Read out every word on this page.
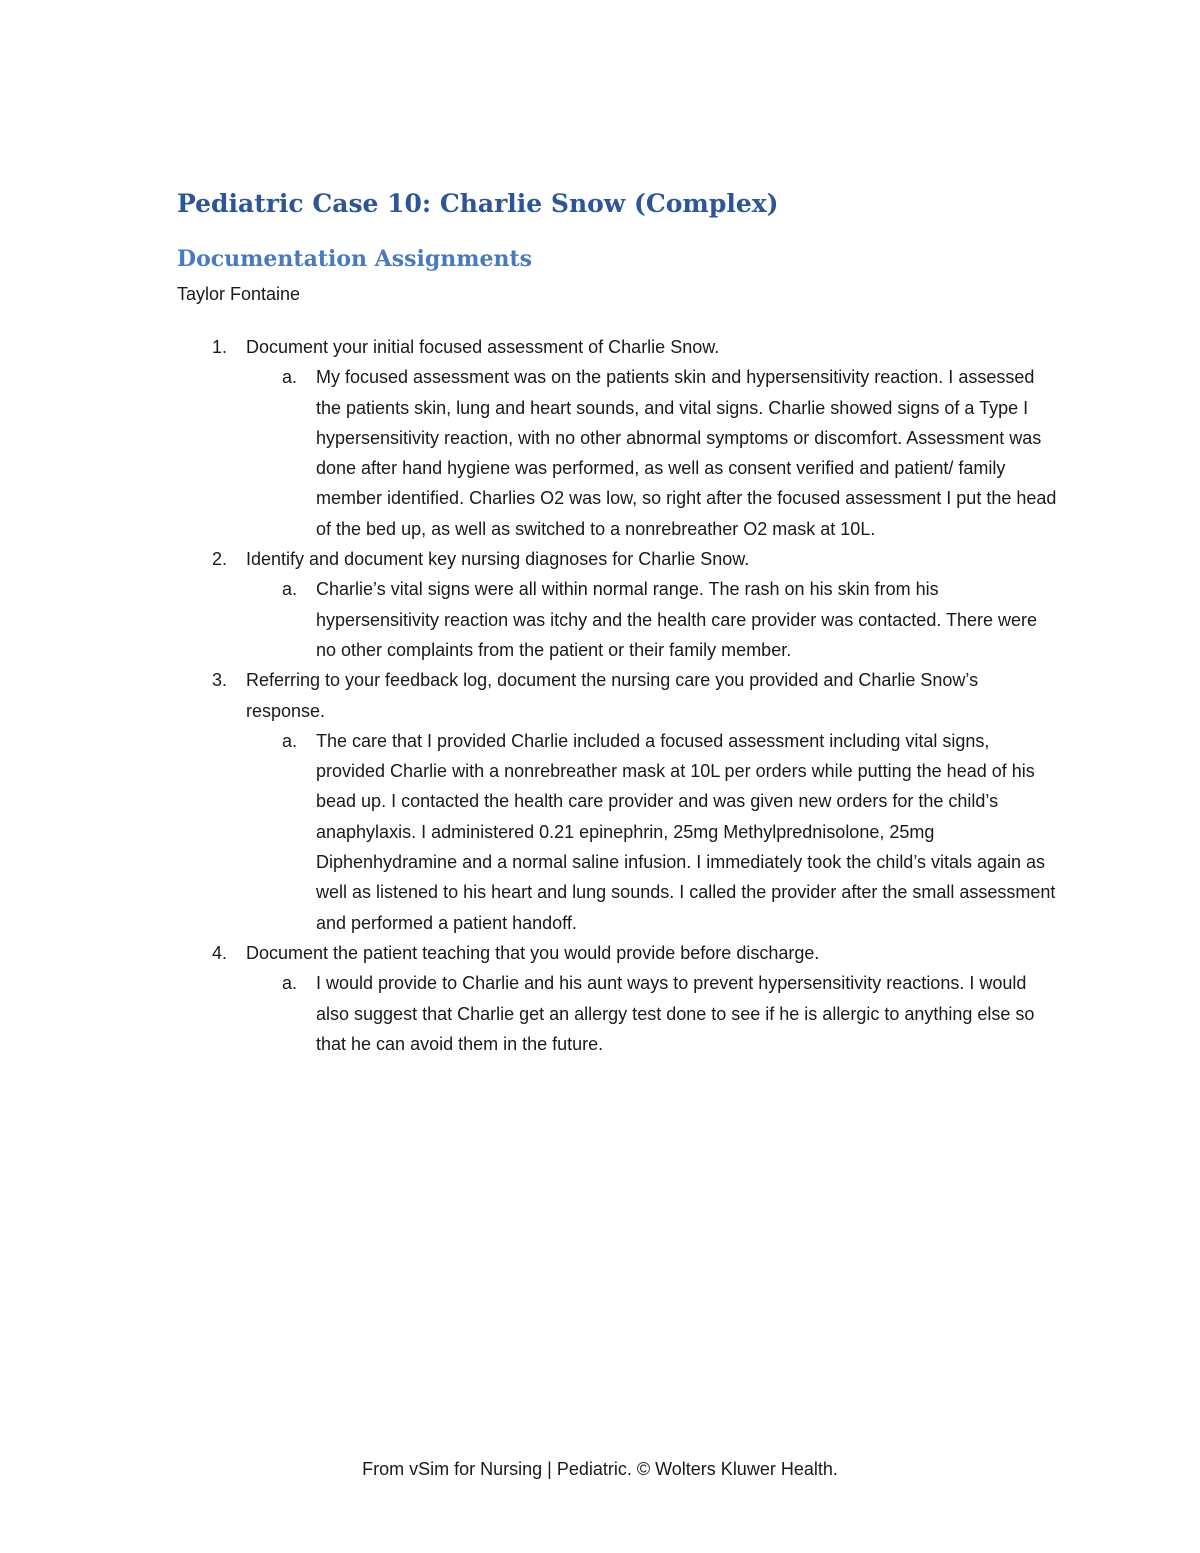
Pediatric Case 10: Charlie Snow (Complex)
Documentation Assignments
Taylor Fontaine
1. Document your initial focused assessment of Charlie Snow.
a. My focused assessment was on the patients skin and hypersensitivity reaction. I assessed the patients skin, lung and heart sounds, and vital signs. Charlie showed signs of a Type I hypersensitivity reaction, with no other abnormal symptoms or discomfort. Assessment was done after hand hygiene was performed, as well as consent verified and patient/ family member identified. Charlies O2 was low, so right after the focused assessment I put the head of the bed up, as well as switched to a nonrebreather O2 mask at 10L.
2. Identify and document key nursing diagnoses for Charlie Snow.
a. Charlie’s vital signs were all within normal range. The rash on his skin from his hypersensitivity reaction was itchy and the health care provider was contacted. There were no other complaints from the patient or their family member.
3. Referring to your feedback log, document the nursing care you provided and Charlie Snow’s response.
a. The care that I provided Charlie included a focused assessment including vital signs, provided Charlie with a nonrebreather mask at 10L per orders while putting the head of his bead up. I contacted the health care provider and was given new orders for the child’s anaphylaxis. I administered 0.21 epinephrin, 25mg Methylprednisolone, 25mg Diphenhydramine and a normal saline infusion. I immediately took the child’s vitals again as well as listened to his heart and lung sounds. I called the provider after the small assessment and performed a patient handoff.
4. Document the patient teaching that you would provide before discharge.
a. I would provide to Charlie and his aunt ways to prevent hypersensitivity reactions. I would also suggest that Charlie get an allergy test done to see if he is allergic to anything else so that he can avoid them in the future.
From vSim for Nursing | Pediatric. © Wolters Kluwer Health.
